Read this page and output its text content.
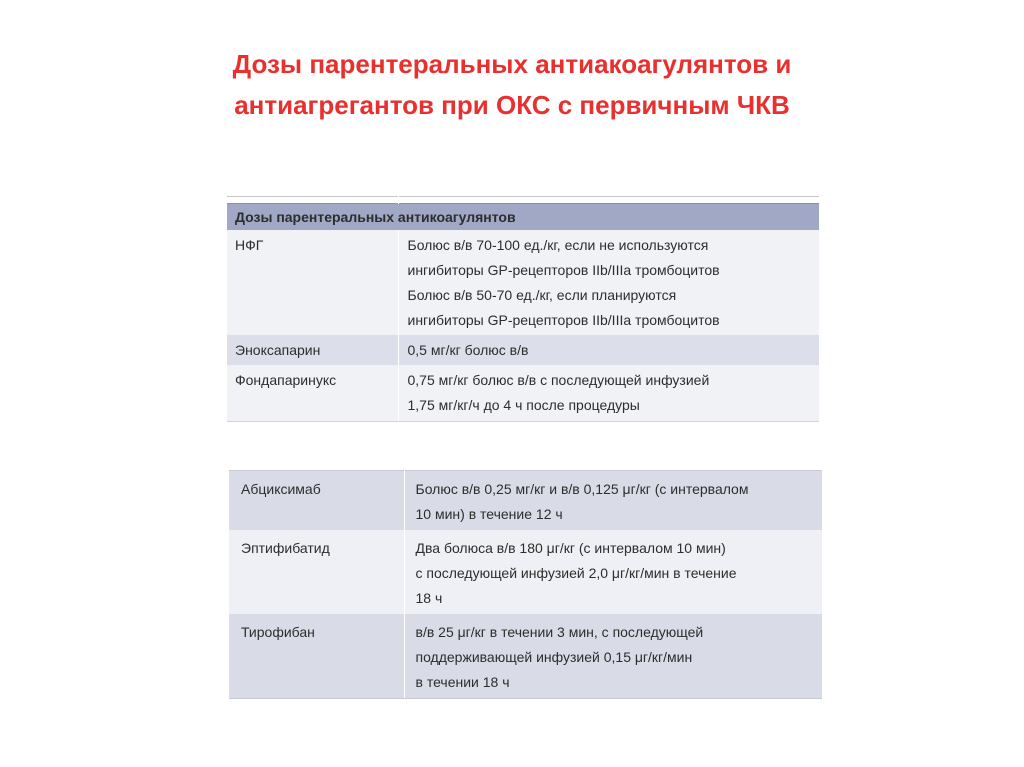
Дозы парентеральных антиакоагулянтов и
антиагрегантов при ОКС с первичным ЧКВ

Дозы парентеральных антикоагулянтов	
НФГ	Болюс в/в 70-100 ед./кг, если не используются
ингибиторы GP-рецепторов IIb/IIIa тромбоцитов
Болюс в/в 50-70 ед./кг, если планируются
ингибиторы GP-рецепторов IIb/IIIa тромбоцитов

Эноксапарин	0,5 мг/кг болюс в/в

Фондапаринукс	0,75 мг/кг болюс в/в с последующей инфузией
1,75 мг/кг/ч до 4 ч после процедуры
Абциксимаб	Болюс в/в 0,25 мг/кг и в/в 0,125 μг/кг (с интервалом
10 мин) в течение 12 ч

Эптифибатид	Два болюса в/в 180 μг/кг (с интервалом 10 мин)
с последующей инфузией 2,0 μг/кг/мин в течение
18 ч

Тирофибан	в/в 25 μг/кг в течении 3 мин, с последующей
поддерживающей инфузией 0,15 μг/кг/мин
в течении 18 ч
